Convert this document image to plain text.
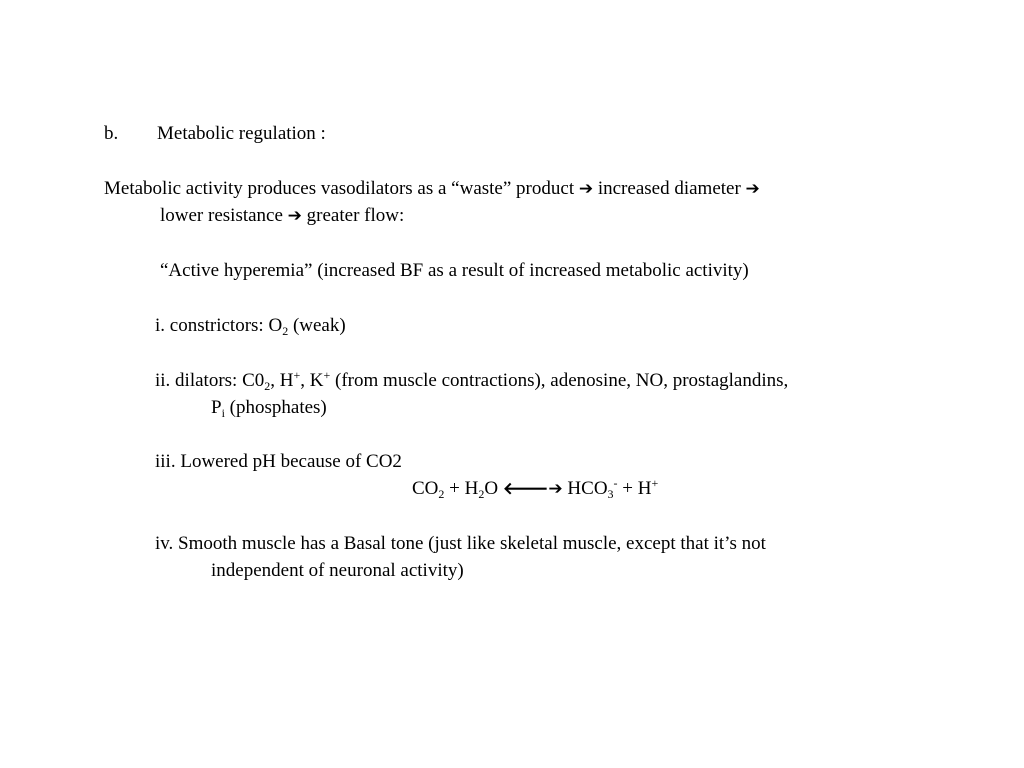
b. Metabolic regulation :
Metabolic activity produces vasodilators as a “waste” product ➔ increased diameter ➔
lower resistance ➔ greater flow:
“Active hyperemia” (increased BF as a result of increased metabolic activity)
i. constrictors: $O_2$ (weak)
ii. dilators: $C0_2$, H+, K+ (from muscle contractions), adenosine, NO, prostaglandins,
$P_i$ (phosphates)
iii. Lowered pH because of CO2
$CO_2 + H_2O$ 🡐➔ $HCO_3^- + H^+$
iv. Smooth muscle has a Basal tone (just like skeletal muscle, except that it’s not
independent of neuronal activity)
